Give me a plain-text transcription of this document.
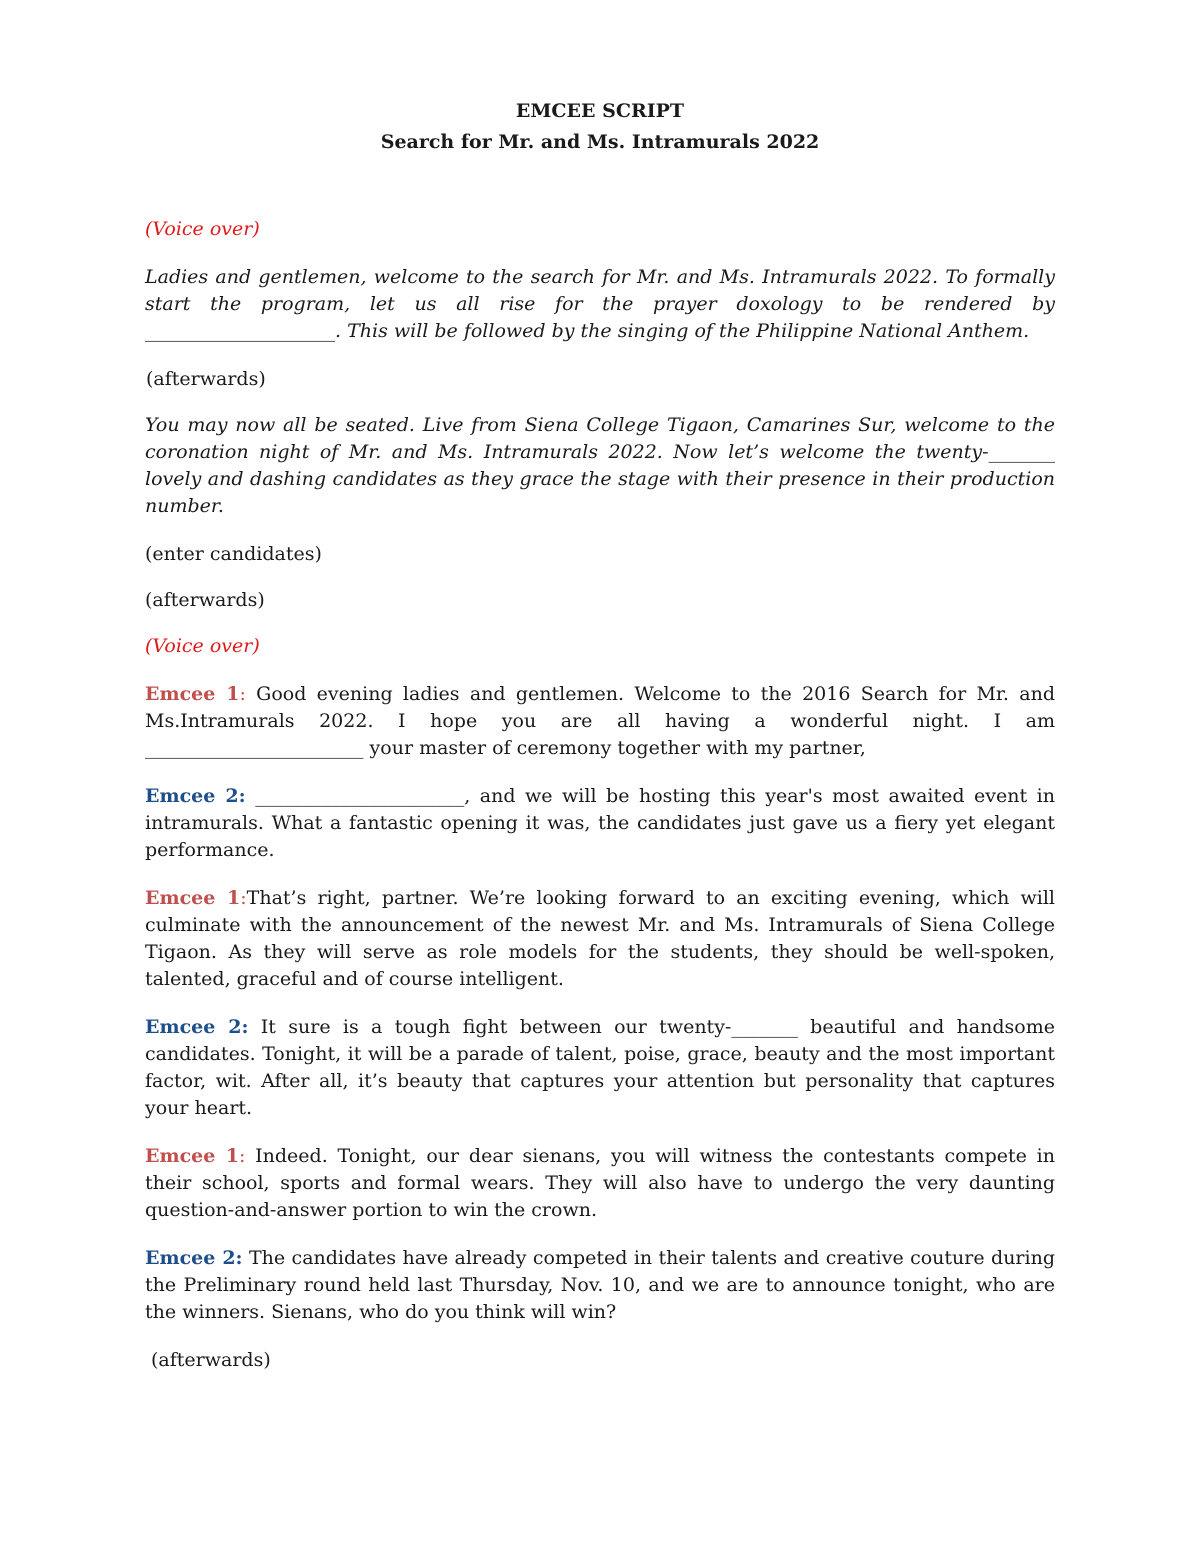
EMCEE SCRIPT

Search for Mr. and Ms. Intramurals 2022

(Voice over)

Ladies and gentlemen, welcome to the search for Mr. and Ms. Intramurals 2022. To formally start the program, let us all rise for the prayer doxology to be rendered by ____________________. This will be followed by the singing of the Philippine National Anthem.

(afterwards)

You may now all be seated. Live from Siena College Tigaon, Camarines Sur, welcome to the coronation night of Mr. and Ms. Intramurals 2022. Now let’s welcome the twenty-_______ lovely and dashing candidates as they grace the stage with their presence in their production number.

(enter candidates)

(afterwards)

(Voice over)

Emcee 1: Good evening ladies and gentlemen. Welcome to the 2016 Search for Mr. and Ms.Intramurals 2022. I hope you are all having a wonderful night. I am _______________________ your master of ceremony together with my partner,

Emcee 2: ______________________, and we will be hosting this year's most awaited event in intramurals. What a fantastic opening it was, the candidates just gave us a fiery yet elegant performance.

Emcee 1:That’s right, partner. We’re looking forward to an exciting evening, which will culminate with the announcement of the newest Mr. and Ms. Intramurals of Siena College Tigaon. As they will serve as role models for the students, they should be well-spoken, talented, graceful and of course intelligent.

Emcee 2: It sure is a tough fight between our twenty-_______ beautiful and handsome candidates. Tonight, it will be a parade of talent, poise, grace, beauty and the most important factor, wit. After all, it’s beauty that captures your attention but personality that captures your heart.

Emcee 1: Indeed. Tonight, our dear sienans, you will witness the contestants compete in their school, sports and formal wears. They will also have to undergo the very daunting question-and-answer portion to win the crown.

Emcee 2: The candidates have already competed in their talents and creative couture during the Preliminary round held last Thursday, Nov. 10, and we are to announce tonight, who are the winners. Sienans, who do you think will win?

(afterwards)
